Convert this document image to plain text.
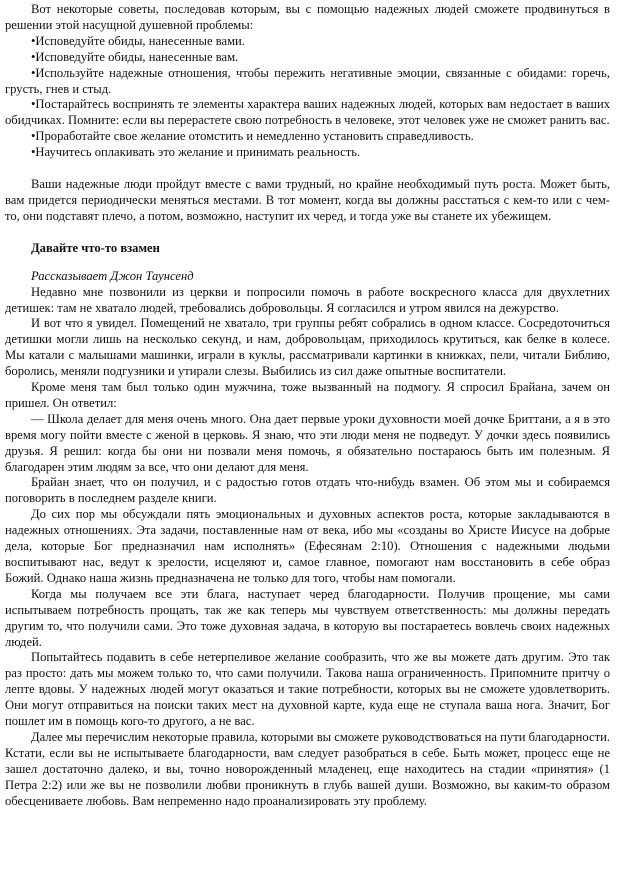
Вот некоторые советы, последовав которым, вы с помощью надежных людей сможете продвинуться в решении этой насущной душевной проблемы:

•Исповедуйте обиды, нанесенные вами.

•Исповедуйте обиды, нанесенные вам.

•Используйте надежные отношения, чтобы пережить негативные эмоции, связанные с обидами: горечь, грусть, гнев и стыд.

•Постарайтесь воспринять те элементы характера ваших надежных людей, которых вам недостает в ваших обидчиках. Помните: если вы перерастете свою потребность в человеке, этот человек уже не сможет ранить вас.

•Проработайте свое желание отомстить и немедленно установить справедливость.

•Научитесь оплакивать это желание и принимать реальность.

Ваши надежные люди пройдут вместе с вами трудный, но крайне необходимый путь роста. Может быть, вам придется периодически меняться местами. В тот момент, когда вы должны расстаться с кем-то или с чем-то, они подставят плечо, а потом, возможно, наступит их черед, и тогда уже вы станете их убежищем.

Давайте что-то взамен

Рассказывает Джон Таунсенд

Недавно мне позвонили из церкви и попросили помочь в работе воскресного класса для двухлетних детишек: там не хватало людей, требовались добровольцы. Я согласился и утром явился на дежурство.

И вот что я увидел. Помещений не хватало, три группы ребят собрались в одном классе. Сосредоточиться детишки могли лишь на несколько секунд, и нам, добровольцам, приходилось крутиться, как белке в колесе. Мы катали с малышами машинки, играли в куклы, рассматривали картинки в книжках, пели, читали Библию, боролись, меняли подгузники и утирали слезы. Выбились из сил даже опытные воспитатели.

Кроме меня там был только один мужчина, тоже вызванный на подмогу. Я спросил Брайана, зачем он пришел. Он ответил:

— Школа делает для меня очень много. Она дает первые уроки духовности моей дочке Бриттани, а я в это время могу пойти вместе с женой в церковь. Я знаю, что эти люди меня не подведут. У дочки здесь появились друзья. Я решил: когда бы они ни позвали меня помочь, я обязательно постараюсь быть им полезным. Я благодарен этим людям за все, что они делают для меня.

Брайан знает, что он получил, и с радостью готов отдать что-нибудь взамен. Об этом мы и собираемся поговорить в последнем разделе книги.

До сих пор мы обсуждали пять эмоциональных и духовных аспектов роста, которые закладываются в надежных отношениях. Эта задачи, поставленные нам от века, ибо мы «созданы во Христе Иисусе на добрые дела, которые Бог предназначил нам исполнять» (Ефесянам 2:10). Отношения с надежными людьми воспитывают нас, ведут к зрелости, исцеляют и, самое главное, помогают нам восстановить в себе образ Божий. Однако наша жизнь предназначена не только для того, чтобы нам помогали.

Когда мы получаем все эти блага, наступает черед благодарности. Получив прощение, мы сами испытываем потребность прощать, так же как теперь мы чувствуем ответственность: мы должны передать другим то, что получили сами. Это тоже духовная задача, в которую вы постараетесь вовлечь своих надежных людей.

Попытайтесь подавить в себе нетерпеливое желание сообразить, что же вы можете дать другим. Это так раз просто: дать мы можем только то, что сами получили. Такова наша ограниченность. Припомните притчу о лепте вдовы. У надежных людей могут оказаться и такие потребности, которых вы не сможете удовлетворить. Они могут отправиться на поиски таких мест на духовной карте, куда еще не ступала ваша нога. Значит, Бог пошлет им в помощь кого-то другого, а не вас.

Далее мы перечислим некоторые правила, которыми вы сможете руководствоваться на пути благодарности. Кстати, если вы не испытываете благодарности, вам следует разобраться в себе. Быть может, процесс еще не зашел достаточно далеко, и вы, точно новорожденный младенец, еще находитесь на стадии «принятия» (1 Петра 2:2) или же вы не позволили любви проникнуть в глубь вашей души. Возможно, вы каким-то образом обесцениваете любовь. Вам непременно надо проанализировать эту проблему.
